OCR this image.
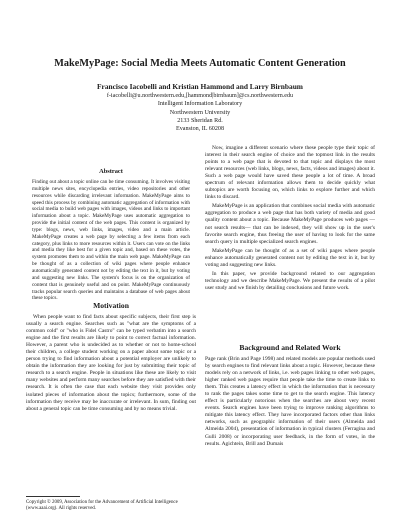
MakeMyPage: Social Media Meets Automatic Content Generation
Francisco Iacobelli and Kristian Hammond and Larry Birnbaum
f-iacobelli@u.northwestern.edu,[hammond|birnbaum]@cs.northwestern.edu
Intelligent Information Laboratory
Northwestern University
2133 Sheridan Rd.
Evanston, IL 60208
Abstract
Finding out about a topic online can be time consuming. It involves visiting multiple news sites, encyclopedia entries, video repositories and other resources while discarding irrelevant information. MakeMyPage aims to speed this process by combining automatic aggregation of information with social media to build web pages with images, videos and links to important information about a topic. MakeMyPage uses automatic aggregation to provide the initial content of the web pages. This content is organized by type: blogs, news, web links, images, video and a main article. MakeMyPage creates a web page by selecting a few items from each category, plus links to more resources within it. Users can vote on the links and media they like best for a given topic and, based on these votes, the system promotes them to and within the main web page. MakeMyPage can be thought of as a collection of wiki pages where people enhance automatically generated content not by editing the text in it, but by voting and suggesting new links. The system's focus is on the organization of content that is genuinely useful and on point. MakeMyPage continuously tracks popular search queries and maintains a database of web pages about these topics.
Motivation

When people want to find facts about specific subjects, their first step is usually a search engine. Searches such as "what are the symptoms of a common cold" or "who is Fidel Castro" can be typed verbatim into a search engine and the first results are likely to point to correct factual information. However, a parent who is undecided as to whether or not to home-school their children, a college student working on a paper about some topic or a person trying to find information about a potential employer are unlikely to obtain the information they are looking for just by submitting their topic of research to a search engine. People in situations like these are likely to visit many websites and perform many searches before they are satisfied with their research. It is often the case that each website they visit provides only isolated pieces of information about the topics; furthermore, some of the information they receive may be inaccurate or irrelevant. In sum, finding out about a general topic can be time consuming and by no means trivial.

Now, imagine a different scenario where these people type their topic of interest in their search engine of choice and the topmost link in the results points to a web page that is devoted to that topic and displays the most relevant resources (web links, blogs, news, facts, videos and images) about it. Such a web page would have saved these people a lot of time. A broad spectrum of relevant information allows them to decide quickly what subtopics are worth focusing on, which links to explore further and which links to discard.

MakeMyPage is an application that combines social media with automatic aggregation to produce a web page that has both variety of media and good quality content about a topic. Because MakeMyPage produces web pages —not search results— that can be indexed, they will show up in the user's favorite search engine, thus freeing the user of having to look for the same search query in multiple specialized search engines.

MakeMyPage can be thought of as a set of wiki pages where people enhance automatically generated content not by editing the text in it, but by voting and suggesting new links.

In this paper, we provide background related to our aggregation technology and we describe MakeMyPage. We present the results of a pilot user study and we finish by detailing conclusions and future work.

Background and Related Work

Page rank (Brin and Page 1998) and related models are popular methods used by search engines to find relevant links about a topic. However, because these models rely on a network of links, i.e. web pages linking to other web pages, higher ranked web pages require that people take the time to create links to them. This creates a latency effect in which the information that is necessary to rank the pages takes some time to get to the search engine. This latency effect is particularly notorious when the searches are about very recent events. Search engines have been trying to improve ranking algorithms to mitigate this latency effect. They have incorporated factors other than links networks, such as geographic information of their users (Almeida and Almeida 2004), presentation of information in typical clusters (Ferragina and Gulli 2008) or incorporating user feedback, in the form of votes, in the results. Agichtein, Brill and Dumais

Copyright © 2009, Association for the Advancement of Artificial Intelligence (www.aaai.org). All rights reserved.
